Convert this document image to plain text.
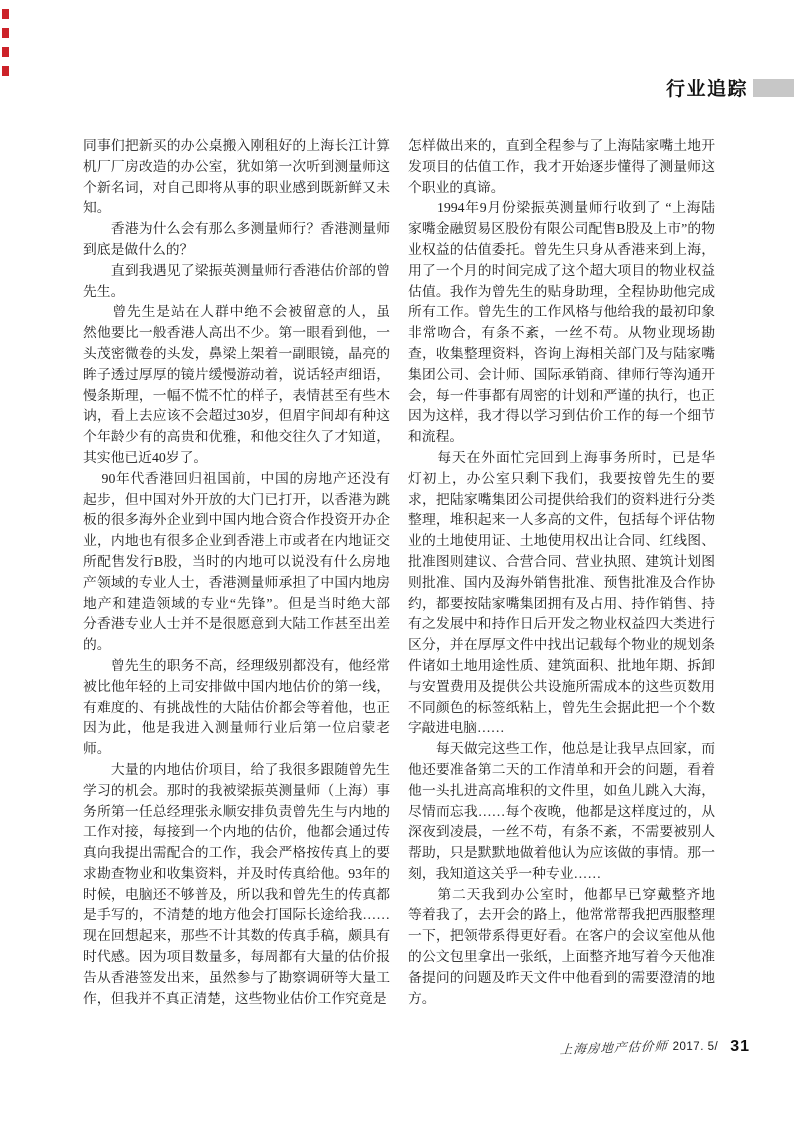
行业追踪
同事们把新买的办公桌搬入刚租好的上海长江计算
机厂厂房改造的办公室，犹如第一次听到测量师这
个新名词，对自己即将从事的职业感到既新鲜又未
知。
　　香港为什么会有那么多测量师行？香港测量师
到底是做什么的？
　　直到我遇见了梁振英测量师行香港估价部的曾
先生。
　　曾先生是站在人群中绝不会被留意的人，虽
然他要比一般香港人高出不少。第一眼看到他，一
头茂密微卷的头发，鼻梁上架着一副眼镜，晶亮的
眸子透过厚厚的镜片缓慢游动着，说话轻声细语，
慢条斯理，一幅不慌不忙的样子，表情甚至有些木
讷，看上去应该不会超过30岁，但眉宇间却有种这
个年龄少有的高贵和优雅，和他交往久了才知道，
其实他已近40岁了。
　 90年代香港回归祖国前，中国的房地产还没有
起步，但中国对外开放的大门已打开，以香港为跳
板的很多海外企业到中国内地合资合作投资开办企
业，内地也有很多企业到香港上市或者在内地证交
所配售发行B股，当时的内地可以说没有什么房地
产领域的专业人士，香港测量师承担了中国内地房
地产和建造领域的专业“先锋”。但是当时绝大部
分香港专业人士并不是很愿意到大陆工作甚至出差
的。
　　曾先生的职务不高，经理级别都没有，他经常
被比他年轻的上司安排做中国内地估价的第一线，
有难度的、有挑战性的大陆估价都会等着他，也正
因为此，他是我进入测量师行业后第一位启蒙老
师。
　　大量的内地估价项目，给了我很多跟随曾先生
学习的机会。那时的我被梁振英测量师（上海）事
务所第一任总经理张永顺安排负责曾先生与内地的
工作对接，每接到一个内地的估价，他都会通过传
真向我提出需配合的工作，我会严格按传真上的要
求勘查物业和收集资料，并及时传真给他。93年的
时候，电脑还不够普及，所以我和曾先生的传真都
是手写的，不清楚的地方他会打国际长途给我……
现在回想起来，那些不计其数的传真手稿，颇具有
时代感。因为项目数量多，每周都有大量的估价报
告从香港签发出来，虽然参与了勘察调研等大量工
作，但我并不真正清楚，这些物业估价工作究竟是
怎样做出来的，直到全程参与了上海陆家嘴土地开
发项目的估值工作，我才开始逐步懂得了测量师这
个职业的真谛。
　　1994年9月份梁振英测量师行收到了 “上海陆
家嘴金融贸易区股份有限公司配售B股及上市”的物
业权益的估值委托。曾先生只身从香港来到上海，
用了一个月的时间完成了这个超大项目的物业权益
估值。我作为曾先生的贴身助理，全程协助他完成
所有工作。曾先生的工作风格与他给我的最初印象
非常吻合，有条不紊，一丝不苟。从物业现场勘
查，收集整理资料，咨询上海相关部门及与陆家嘴
集团公司、会计师、国际承销商、律师行等沟通开
会，每一件事都有周密的计划和严谨的执行，也正
因为这样，我才得以学习到估价工作的每一个细节
和流程。
　　每天在外面忙完回到上海事务所时，已是华
灯初上，办公室只剩下我们，我要按曾先生的要
求，把陆家嘴集团公司提供给我们的资料进行分类
整理，堆积起来一人多高的文件，包括每个评估物
业的土地使用证、土地使用权出让合同、红线图、
批准图则建议、合营合同、营业执照、建筑计划图
则批准、国内及海外销售批准、预售批准及合作协
约，都要按陆家嘴集团拥有及占用、持作销售、持
有之发展中和持作日后开发之物业权益四大类进行
区分，并在厚厚文件中找出记载每个物业的规划条
件诸如土地用途性质、建筑面积、批地年期、拆卸
与安置费用及提供公共设施所需成本的这些页数用
不同颜色的标签纸粘上，曾先生会据此把一个个数
字敲进电脑……
　　每天做完这些工作，他总是让我早点回家，而
他还要准备第二天的工作清单和开会的问题，看着
他一头扎进高高堆积的文件里，如鱼儿跳入大海，
尽情而忘我……每个夜晚，他都是这样度过的，从
深夜到凌晨，一丝不苟，有条不紊，不需要被别人
帮助，只是默默地做着他认为应该做的事情。那一
刻，我知道这关乎一种专业……
　　第二天我到办公室时，他都早已穿戴整齐地
等着我了，去开会的路上，他常常帮我把西服整理
一下，把领带系得更好看。在客户的会议室他从他
的公文包里拿出一张纸，上面整齐地写着今天他准
备提问的问题及昨天文件中他看到的需要澄清的地
方。
上海房地产估价师 2017. 5/ 31
